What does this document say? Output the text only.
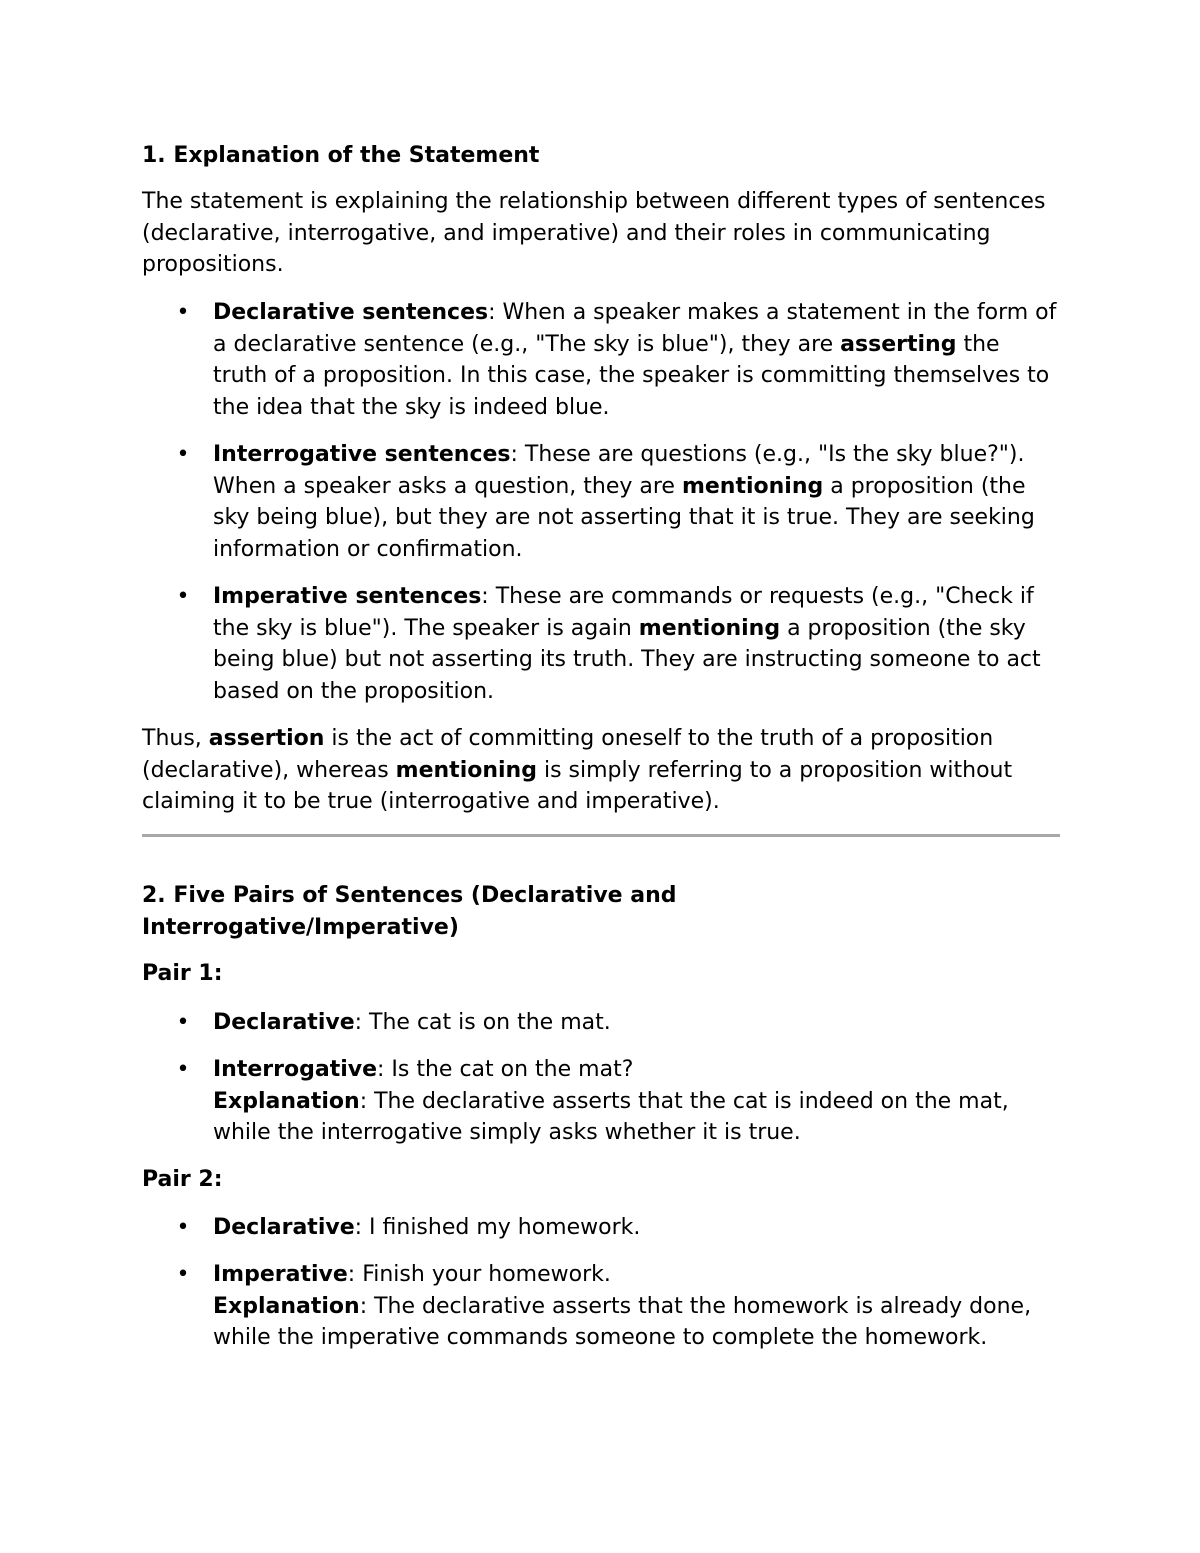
1. Explanation of the Statement

The statement is explaining the relationship between different types of sentences (declarative, interrogative, and imperative) and their roles in communicating propositions.

• Declarative sentences: When a speaker makes a statement in the form of a declarative sentence (e.g., "The sky is blue"), they are asserting the truth of a proposition. In this case, the speaker is committing themselves to the idea that the sky is indeed blue.
• Interrogative sentences: These are questions (e.g., "Is the sky blue?"). When a speaker asks a question, they are mentioning a proposition (the sky being blue), but they are not asserting that it is true. They are seeking information or confirmation.
• Imperative sentences: These are commands or requests (e.g., "Check if the sky is blue"). The speaker is again mentioning a proposition (the sky being blue) but not asserting its truth. They are instructing someone to act based on the proposition.

Thus, assertion is the act of committing oneself to the truth of a proposition (declarative), whereas mentioning is simply referring to a proposition without claiming it to be true (interrogative and imperative).

2. Five Pairs of Sentences (Declarative and

Interrogative/Imperative)

Pair 1:

• Declarative: The cat is on the mat.
• Interrogative: Is the cat on the mat?
Explanation: The declarative asserts that the cat is indeed on the mat, while the interrogative simply asks whether it is true.

Pair 2:

• Declarative: I finished my homework.
• Imperative: Finish your homework.
Explanation: The declarative asserts that the homework is already done, while the imperative commands someone to complete the homework.
